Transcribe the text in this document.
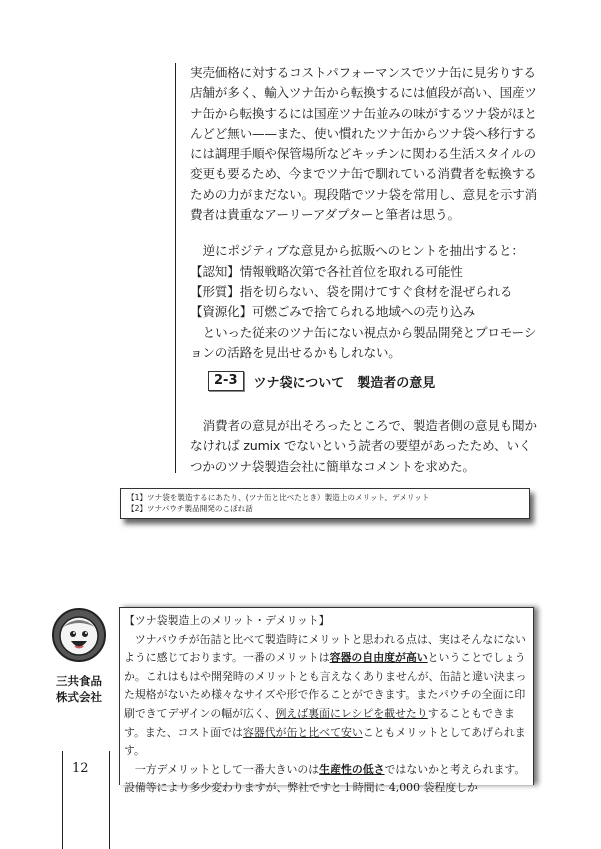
実売価格に対するコストパフォーマンスでツナ缶に見劣りする店舗が多く、輸入ツナ缶から転換するには値段が高い、国産ツナ缶から転換するには国産ツナ缶並みの味がするツナ袋がほとんどど無い——また、使い慣れたツナ缶からツナ袋へ移行するには調理手順や保管場所などキッチンに関わる生活スタイルの変更も要るため、今までツナ缶で馴れている消費者を転換するための力がまだない。現段階でツナ袋を常用し、意見を示す消費者は貴重なアーリーアダプターと筆者は思う。

逆にポジティブな意見から拡販へのヒントを抽出すると：

【認知】情報戦略次第で各社首位を取れる可能性

【形質】指を切らない、袋を開けてすぐ食材を混ぜられる

【資源化】可燃ごみで捨てられる地域への売り込み

といった従来のツナ缶にない視点から製品開発とプロモーションの活路を見出せるかもしれない。

2-3	ツナ袋について　製造者の意見

消費者の意見が出そろったところで、製造者側の意見も聞かなければ zumix でないという読者の要望があったため、いくつかのツナ袋製造会社に簡単なコメントを求めた。

【1】ツナ袋を製造するにあたり、(ツナ缶と比べたとき）製造上のメリット、デメリット
【2】ツナパウチ製品開発のこぼれ話
三共食品
株式会社

【ツナ袋製造上のメリット・デメリット】

ツナパウチが缶詰と比べて製造時にメリットと思われる点は、実はそんなにないように感じております。一番のメリットは容器の自由度が高いということでしょうか。これはもはや開発時のメリットとも言えなくありませんが、缶詰と違い決まった規格がないため様々なサイズや形で作ることができます。またパウチの全面に印刷できてデザインの幅が広く、例えば裏面にレシピを載せたりすることもできます。また、コスト面では容器代が缶と比べて安いこともメリットとしてあげられます。

一方デメリットとして一番大きいのは生産性の低さではないかと考えられます。設備等により多少変わりますが、弊社ですと１時間に 4,000 袋程度しか

12
